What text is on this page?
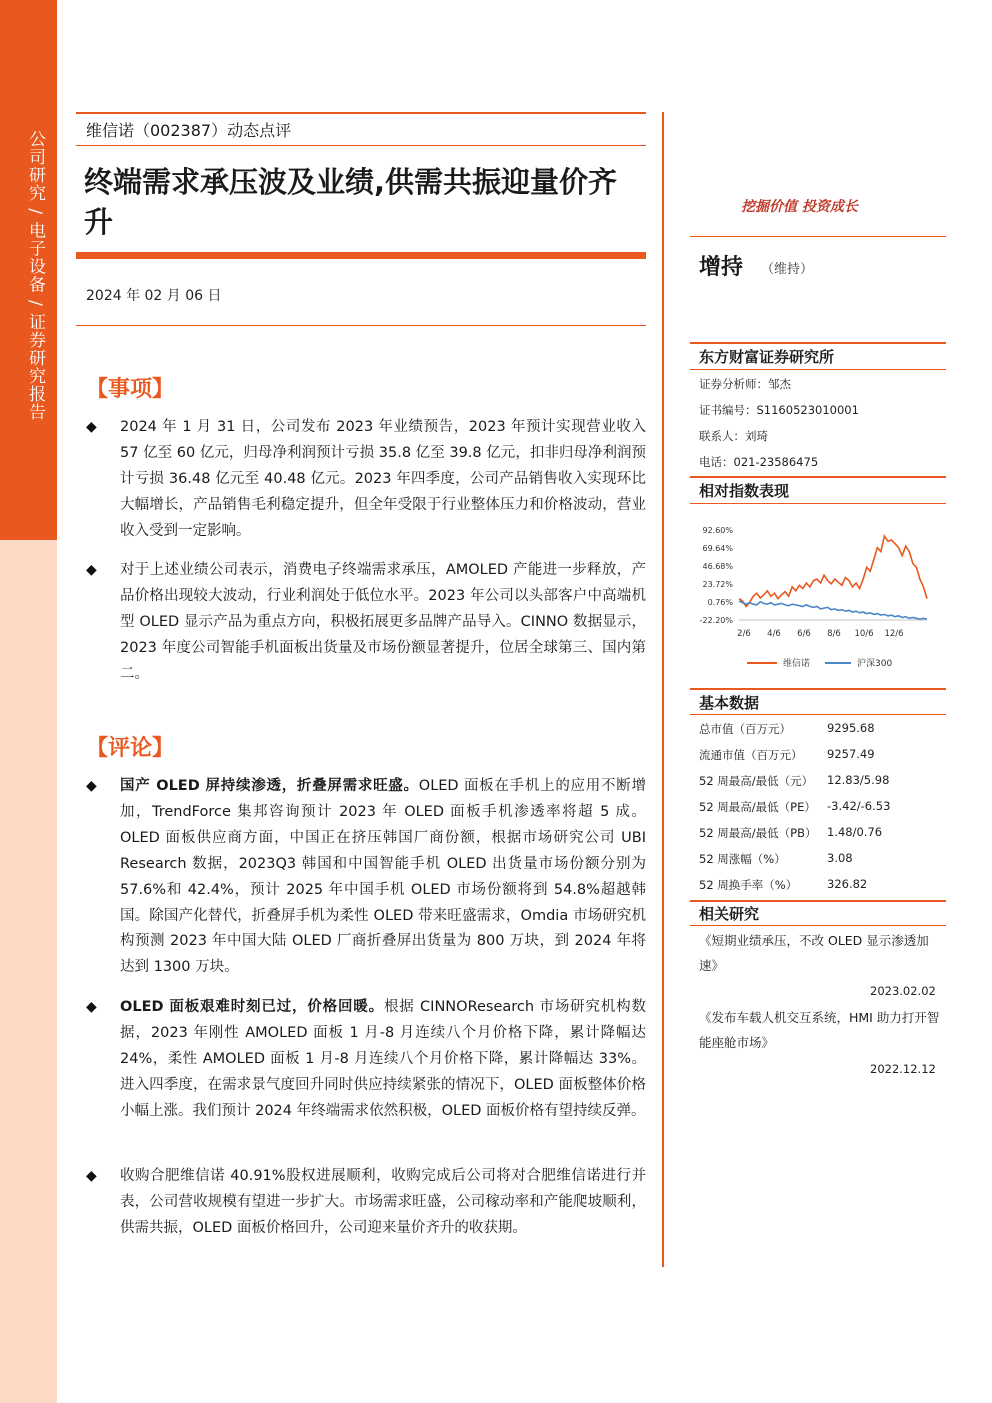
公司研究 / 电子设备 / 证券研究报告	维信诺（002387）动态点评
终端需求承压波及业绩,供需共振迎量价齐升
2024 年 02 月 06 日
【事项】
◆ 2024 年 1 月 31 日，公司发布 2023 年业绩预告，2023 年预计实现营业收入 57 亿至 60 亿元，归母净利润预计亏损 35.8 亿至 39.8 亿元，扣非归母净利润预计亏损 36.48 亿元至 40.48 亿元。2023 年四季度，公司产品销售收入实现环比大幅增长，产品销售毛利稳定提升，但全年受限于行业整体压力和价格波动，营业收入受到一定影响。

◆ 对于上述业绩公司表示，消费电子终端需求承压，AMOLED 产能进一步释放，产品价格出现较大波动，行业利润处于低位水平。2023 年公司以头部客户中高端机型 OLED 显示产品为重点方向，积极拓展更多品牌产品导入。CINNO 数据显示，2023 年度公司智能手机面板出货量及市场份额显著提升，位居全球第三、国内第二。

【评论】
◆ 国产 OLED 屏持续渗透，折叠屏需求旺盛。OLED 面板在手机上的应用不断增加，TrendForce 集邦咨询预计 2023 年 OLED 面板手机渗透率将超 5 成。OLED 面板供应商方面，中国正在挤压韩国厂商份额，根据市场研究公司 UBI Research 数据，2023Q3 韩国和中国智能手机 OLED 出货量市场份额分别为 57.6%和 42.4%，预计 2025 年中国手机 OLED 市场份额将到 54.8%超越韩国。除国产化替代，折叠屏手机为柔性 OLED 带来旺盛需求，Omdia 市场研究机构预测 2023 年中国大陆 OLED 厂商折叠屏出货量为 800 万块，到 2024 年将达到 1300 万块。

◆ OLED 面板艰难时刻已过，价格回暖。根据 CINNOResearch 市场研究机构数据，2023 年刚性 AMOLED 面板 1 月-8 月连续八个月价格下降，累计降幅达 24%，柔性 AMOLED 面板 1 月-8 月连续八个月价格下降，累计降幅达 33%。进入四季度，在需求景气度回升同时供应持续紧张的情况下，OLED 面板整体价格小幅上涨。我们预计 2024 年终端需求依然积极，OLED 面板价格有望持续反弹。

◆ 收购合肥维信诺 40.91%股权进展顺利，收购完成后公司将对合肥维信诺进行并表，公司营收规模有望进一步扩大。市场需求旺盛，公司稼动率和产能爬坡顺利，供需共振，OLED 面板价格回升，公司迎来量价齐升的收获期。

挖掘价值 投资成长
增持 （维持）
东方财富证券研究所
证券分析师：邹杰
证书编号：S1160523010001
联系人：刘琦
电话：021-23586475
相对指数表现
92.60%
69.64%
46.68%
23.72%
0.76%
-22.20%
2/6 4/6 6/6 8/6 10/6 12/6
维信诺	沪深300
基本数据
总市值（百万元）	9295.68
流通市值（百万元） 9257.49
52 周最高/最低（元） 12.83/5.98
52 周最高/最低（PE） -3.42/-6.53
52 周最高/最低（PB） 1.48/0.76
52 周涨幅（%）	3.08
52 周换手率（%）	326.82
相关研究
《短期业绩承压，不改 OLED 显示渗透加速》
2023.02.02
《发布车载人机交互系统，HMI 助力打开智能座舱市场》
2022.12.12
